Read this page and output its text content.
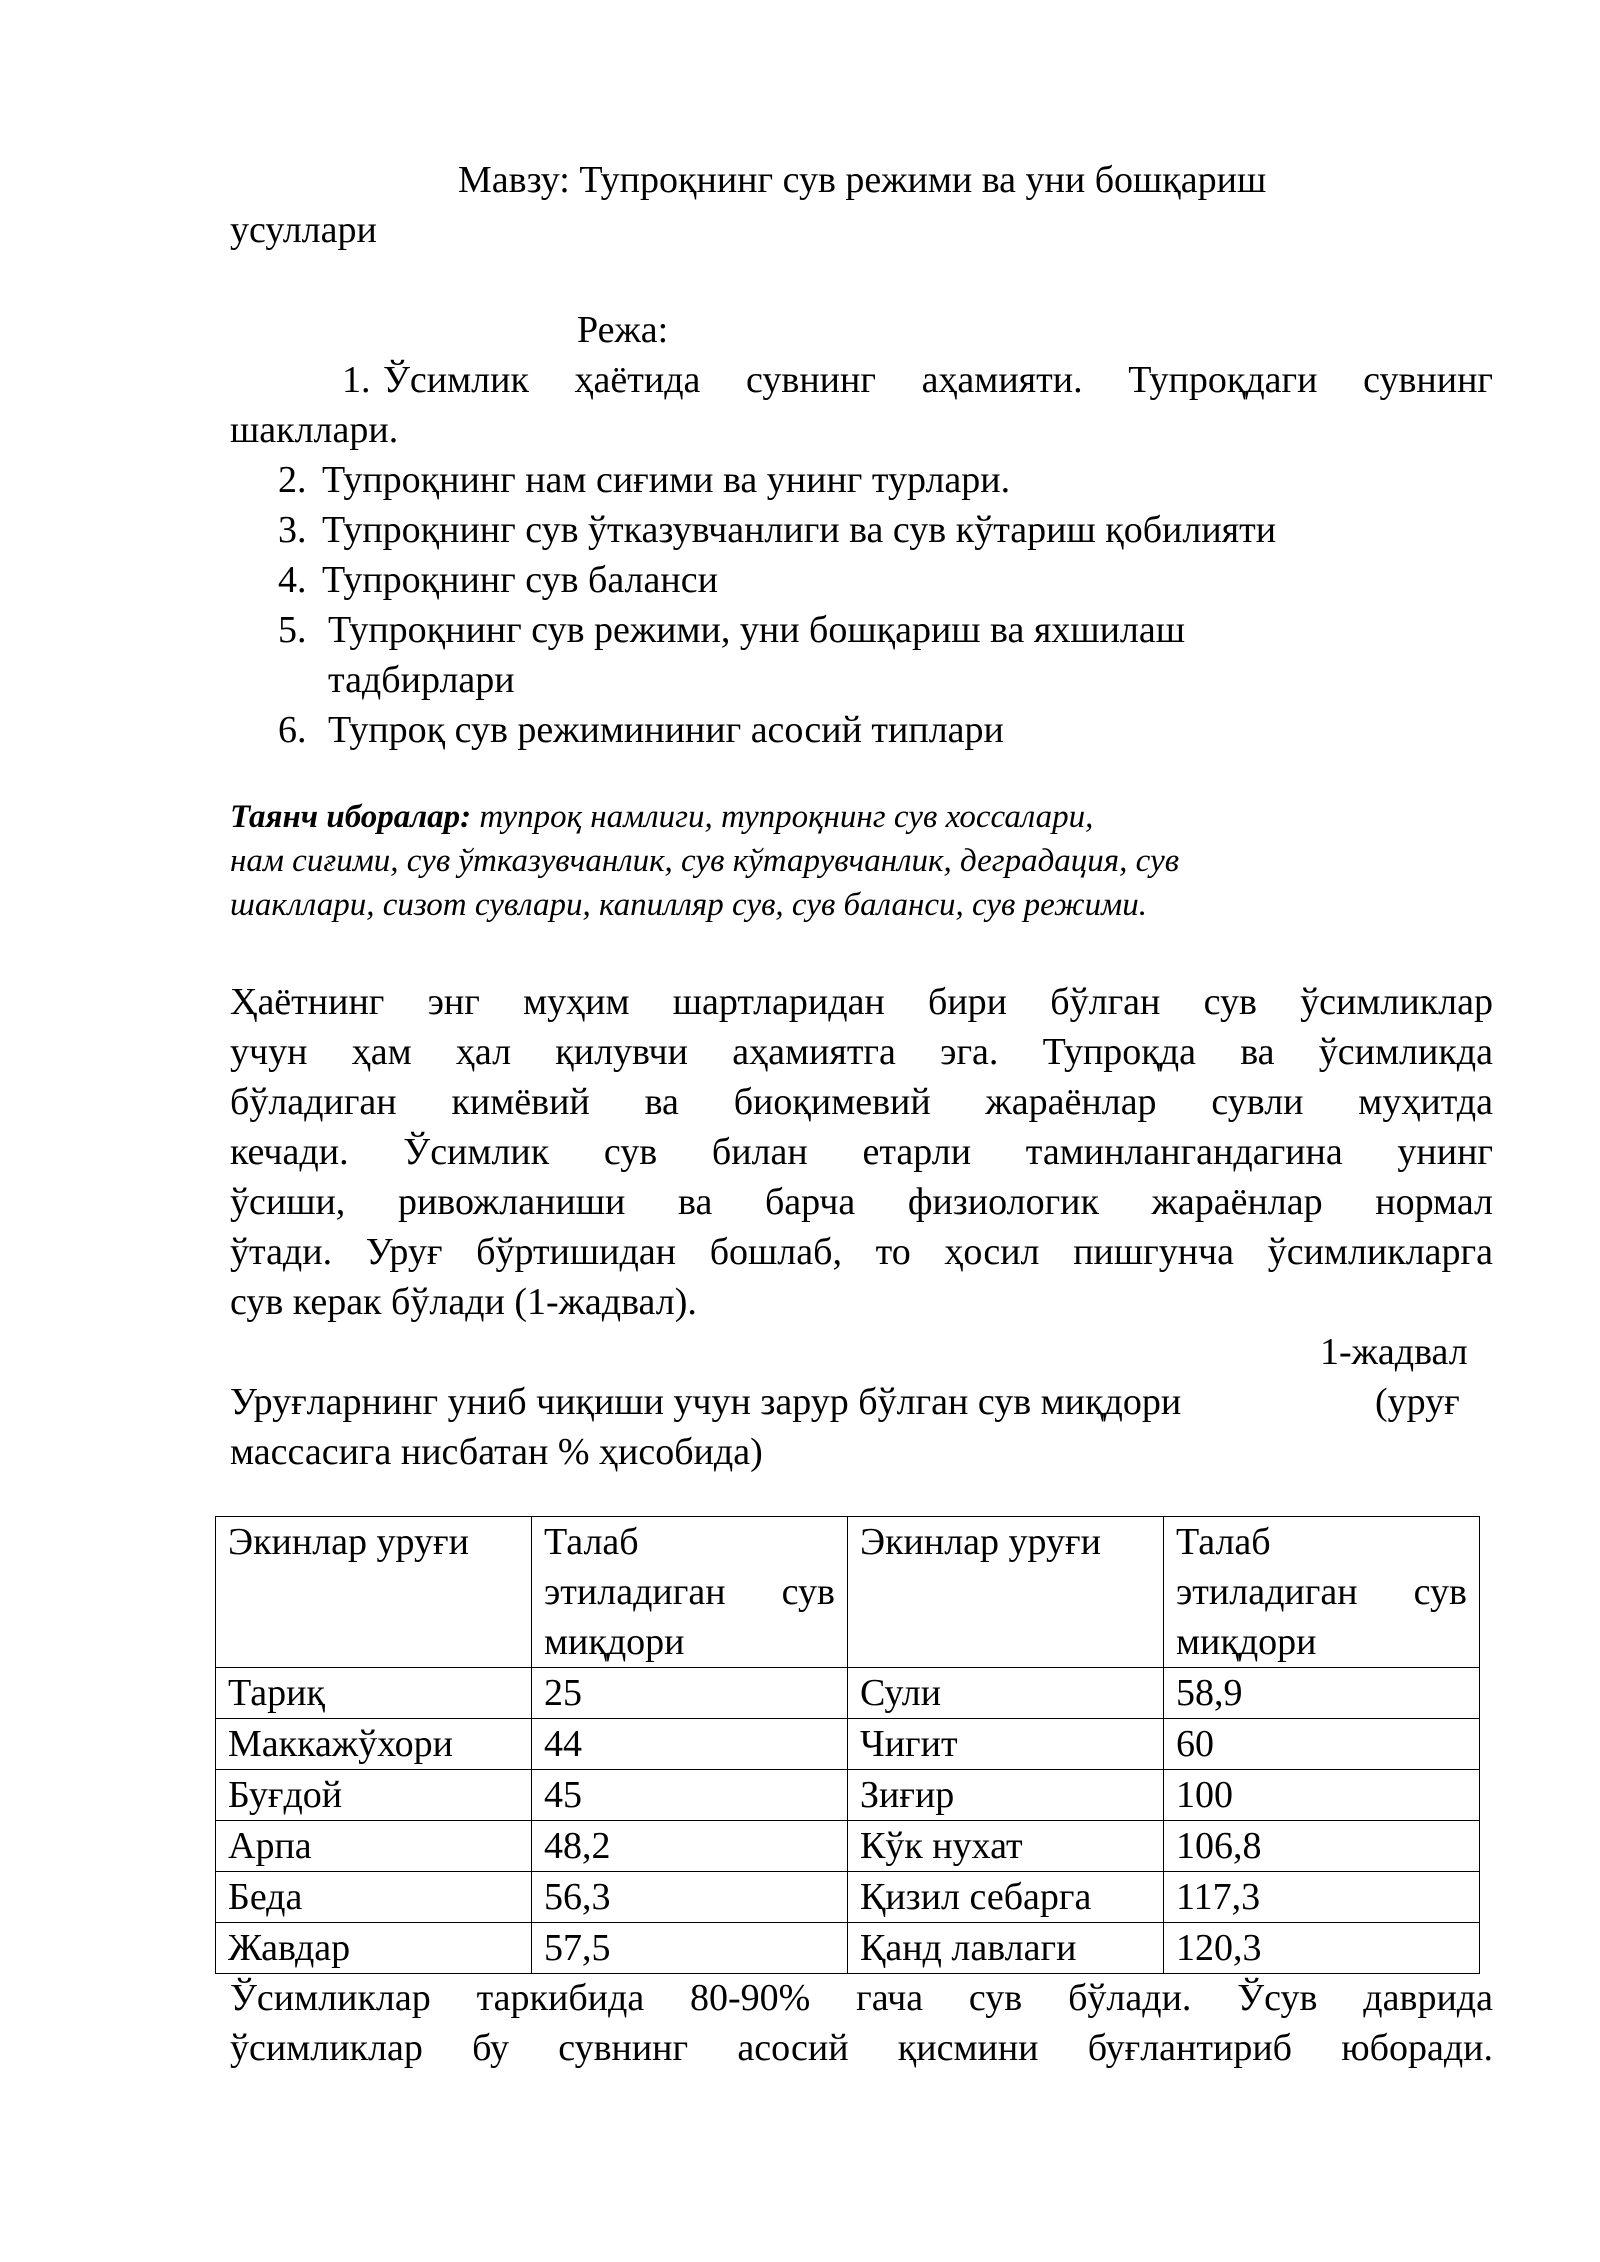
Мавзу: Тупроқнинг сув режими ва уни бошқариш

усуллари

Режа:

1. Ўсимлик ҳаётида сувнинг аҳамияти. Тупроқдаги сувнинг

шакллари.

2. Тупроқнинг нам сиғими ва унинг турлари.

3. Тупроқнинг сув ўтказувчанлиги ва сув кўтариш қобилияти

4. Тупроқнинг сув баланси

5. Тупроқнинг сув режими, уни бошқариш ва яхшилаш

тадбирлари

6. Тупроқ сув режимининиг асосий типлари

Таянч иборалар: тупроқ намлиги, тупроқнинг сув хоссалари,
нам сиғими, сув ўтказувчанлик, сув кўтарувчанлик, деградация, сув
шакллари, сизот сувлари, капилляр сув, сув баланси, сув режими.
Ҳаётнинг энг муҳим шартларидан бири бўлган сув ўсимликлар
учун ҳам ҳал қилувчи аҳамиятга эга. Тупроқда ва ўсимликда
бўладиган кимёвий ва биоқимевий жараёнлар сувли муҳитда
кечади. Ўсимлик сув билан етарли таминлангандагина унинг
ўсиши, ривожланиши ва барча физиологик жараёнлар нормал
ўтади. Уруғ бўртишидан бошлаб, то ҳосил пишгунча ўсимликларга

сув керак бўлади (1-жадвал).

1-жадвал

Уруғларнинг униб чиқиши учун зарур бўлган сув миқдори	(уруғ

массасига нисбатан % ҳисобида)

Экинлар уруғи	Талаб
этиладиган сув
миқдори	Экинлар уруғи	Талаб
этиладиган сув
миқдори

Тариқ	25	Сули	58,9
Маккажўхори	44	Чигит	60
Буғдой	45	Зиғир	100
Арпа	48,2	Кўк нухат	106,8
Беда	56,3	Қизил себарга	117,3
Жавдар	57,5	Қанд лавлаги	120,3
Ўсимликлар таркибида 80-90% гача сув бўлади. Ўсув даврида
ўсимликлар бу сувнинг асосий қисмини буғлантириб юборади.
